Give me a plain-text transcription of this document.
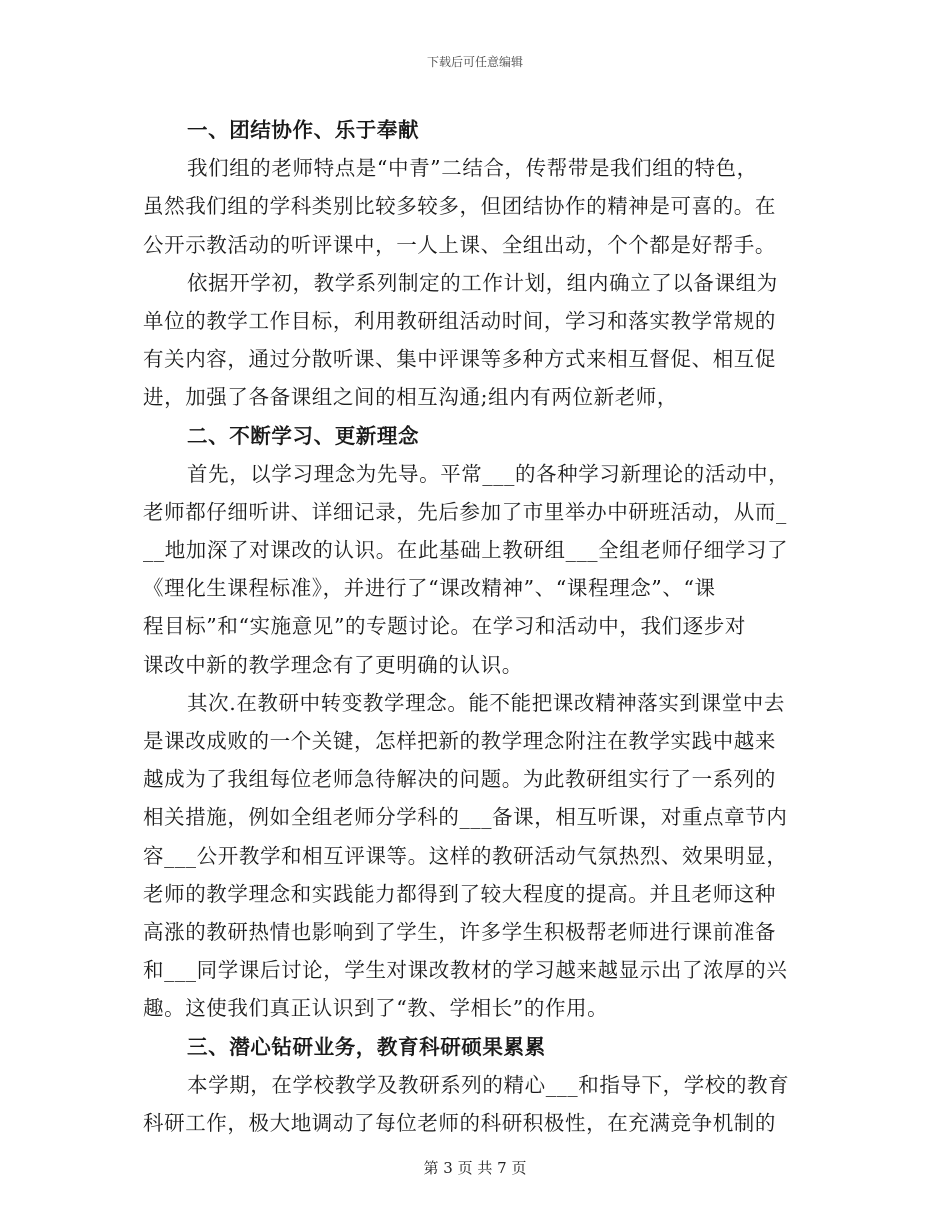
下载后可任意编辑
一、团结协作、乐于奉献
我们组的老师特点是“中青”二结合，传帮带是我们组的特色，
虽然我们组的学科类别比较多较多，但团结协作的精神是可喜的。在
公开示教活动的听评课中，一人上课、全组出动，个个都是好帮手。
依据开学初，教学系列制定的工作计划，组内确立了以备课组为
单位的教学工作目标，利用教研组活动时间，学习和落实教学常规的
有关内容，通过分散听课、集中评课等多种方式来相互督促、相互促
进，加强了各备课组之间的相互沟通;组内有两位新老师，
二、不断学习、更新理念
首先，以学习理念为先导。平常___的各种学习新理论的活动中，
老师都仔细听讲、详细记录，先后参加了市里举办中研班活动，从而_
__地加深了对课改的认识。在此基础上教研组___全组老师仔细学习了
《理化生课程标准》，并进行了“课改精神”、“课程理念”、“课
程目标”和“实施意见”的专题讨论。在学习和活动中，我们逐步对
课改中新的教学理念有了更明确的认识。
其次.在教研中转变教学理念。能不能把课改精神落实到课堂中去
是课改成败的一个关键，怎样把新的教学理念附注在教学实践中越来
越成为了我组每位老师急待解决的问题。为此教研组实行了一系列的
相关措施，例如全组老师分学科的___备课，相互听课，对重点章节内
容___公开教学和相互评课等。这样的教研活动气氛热烈、效果明显，
老师的教学理念和实践能力都得到了较大程度的提高。并且老师这种
高涨的教研热情也影响到了学生，许多学生积极帮老师进行课前准备
和___同学课后讨论，学生对课改教材的学习越来越显示出了浓厚的兴
趣。这使我们真正认识到了“教、学相长”的作用。
三、潜心钻研业务，教育科研硕果累累
本学期，在学校教学及教研系列的精心___和指导下，学校的教育
科研工作，极大地调动了每位老师的科研积极性，在充满竞争机制的
第 3 页 共 7 页
